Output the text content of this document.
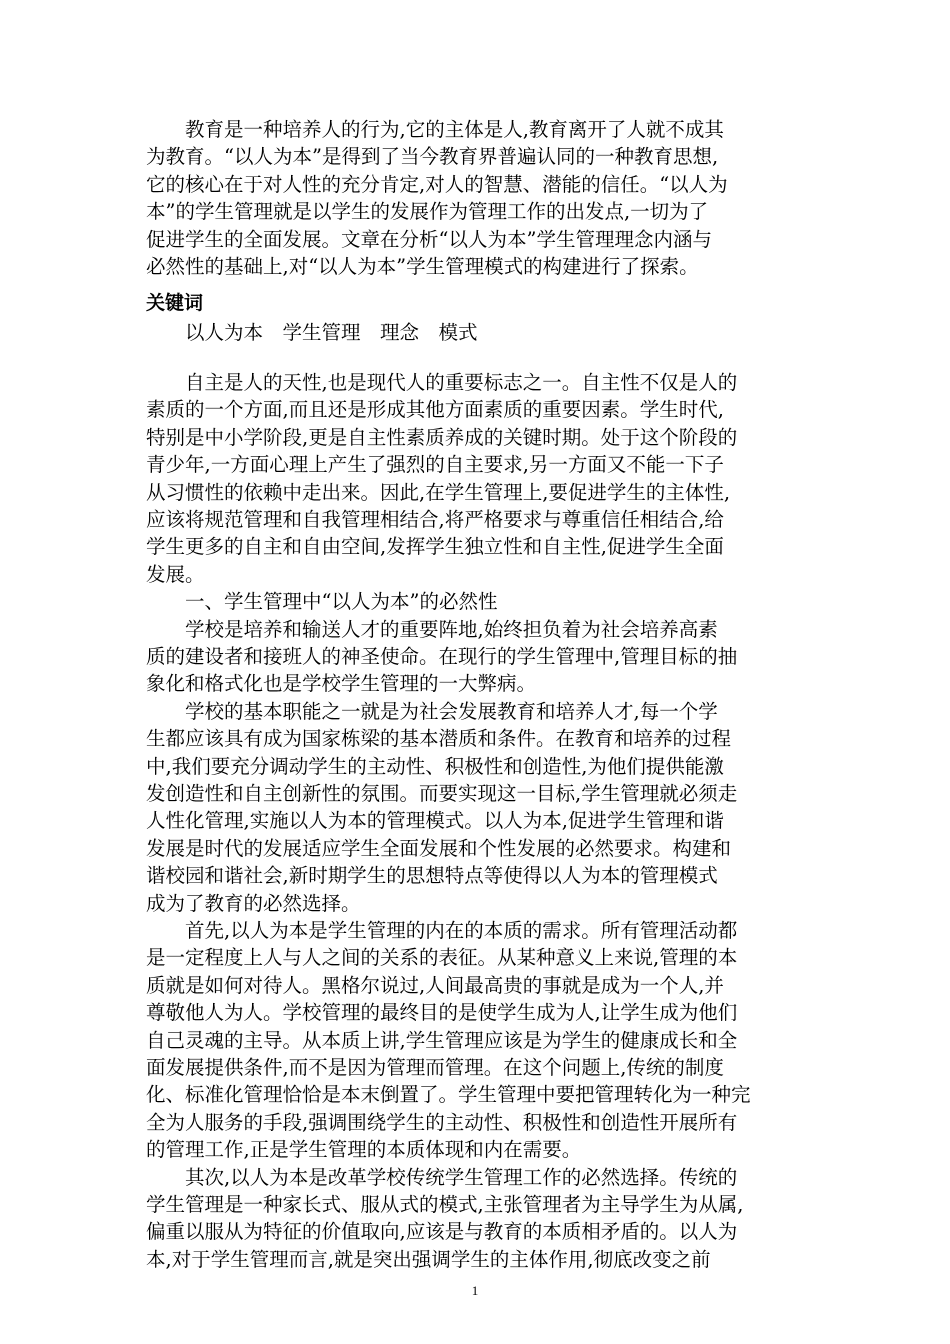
　　教育是一种培养人的行为,它的主体是人,教育离开了人就不成其
为教育。“以人为本”是得到了当今教育界普遍认同的一种教育思想,
它的核心在于对人性的充分肯定,对人的智慧、潜能的信任。“以人为
本”的学生管理就是以学生的发展作为管理工作的出发点,一切为了
促进学生的全面发展。文章在分析“以人为本”学生管理理念内涵与
必然性的基础上,对“以人为本”学生管理模式的构建进行了探索。
关键词
　　以人为本　学生管理　理念　模式
　　自主是人的天性,也是现代人的重要标志之一。自主性不仅是人的
素质的一个方面,而且还是形成其他方面素质的重要因素。学生时代,
特别是中小学阶段,更是自主性素质养成的关键时期。处于这个阶段的
青少年,一方面心理上产生了强烈的自主要求,另一方面又不能一下子
从习惯性的依赖中走出来。因此,在学生管理上,要促进学生的主体性,
应该将规范管理和自我管理相结合,将严格要求与尊重信任相结合,给
学生更多的自主和自由空间,发挥学生独立性和自主性,促进学生全面
发展。
　　一、学生管理中“以人为本”的必然性
　　学校是培养和输送人才的重要阵地,始终担负着为社会培养高素
质的建设者和接班人的神圣使命。在现行的学生管理中,管理目标的抽
象化和格式化也是学校学生管理的一大弊病。
　　学校的基本职能之一就是为社会发展教育和培养人才,每一个学
生都应该具有成为国家栋梁的基本潜质和条件。在教育和培养的过程
中,我们要充分调动学生的主动性、积极性和创造性,为他们提供能激
发创造性和自主创新性的氛围。而要实现这一目标,学生管理就必须走
人性化管理,实施以人为本的管理模式。以人为本,促进学生管理和谐
发展是时代的发展适应学生全面发展和个性发展的必然要求。构建和
谐校园和谐社会,新时期学生的思想特点等使得以人为本的管理模式
成为了教育的必然选择。
　　首先,以人为本是学生管理的内在的本质的需求。所有管理活动都
是一定程度上人与人之间的关系的表征。从某种意义上来说,管理的本
质就是如何对待人。黑格尔说过,人间最高贵的事就是成为一个人,并
尊敬他人为人。学校管理的最终目的是使学生成为人,让学生成为他们
自己灵魂的主导。从本质上讲,学生管理应该是为学生的健康成长和全
面发展提供条件,而不是因为管理而管理。在这个问题上,传统的制度
化、标准化管理恰恰是本末倒置了。学生管理中要把管理转化为一种完
全为人服务的手段,强调围绕学生的主动性、积极性和创造性开展所有
的管理工作,正是学生管理的本质体现和内在需要。
　　其次,以人为本是改革学校传统学生管理工作的必然选择。传统的
学生管理是一种家长式、服从式的模式,主张管理者为主导学生为从属,
偏重以服从为特征的价值取向,应该是与教育的本质相矛盾的。以人为
本,对于学生管理而言,就是突出强调学生的主体作用,彻底改变之前
1
